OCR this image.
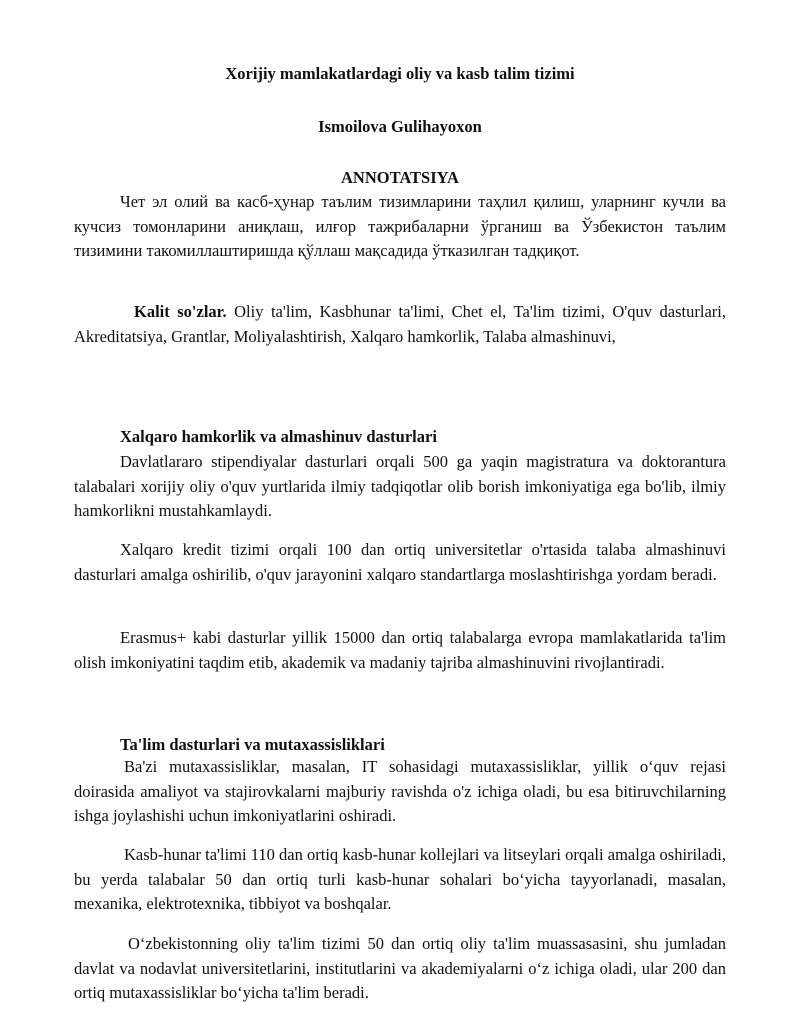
Xorijiy mamlakatlardagi oliy va kasb talim tizimi
Ismoilova Gulihayoxon
ANNOTATSIYA

Чет эл олий ва касб-ҳунар таълим тизимларини таҳлил қилиш, уларнинг кучли ва кучсиз томонларини аниқлаш, илғор тажрибаларни ўрганиш ва Ўзбекистон таълим тизимини такомиллаштиришда қўллаш мақсадида ўтказилган тадқиқот.

Kalit so'zlar. Oliy ta'lim, Kasbhunar ta'limi, Chet el, Ta'lim tizimi, O'quv dasturlari, Akreditatsiya, Grantlar, Moliyalashtirish, Xalqaro hamkorlik, Talaba almashinuvi,

Xalqaro hamkorlik va almashinuv dasturlari

Davlatlararo stipendiyalar dasturlari orqali 500 ga yaqin magistratura va doktorantura talabalari xorijiy oliy o'quv yurtlarida ilmiy tadqiqotlar olib borish imkoniyatiga ega bo'lib, ilmiy hamkorlikni mustahkamlaydi.

Xalqaro kredit tizimi orqali 100 dan ortiq universitetlar o'rtasida talaba almashinuvi dasturlari amalga oshirilib, o'quv jarayonini xalqaro standartlarga moslashtirishga yordam beradi.

Erasmus+ kabi dasturlar yillik 15000 dan ortiq talabalarga evropa mamlakatlarida ta'lim olish imkoniyatini taqdim etib, akademik va madaniy tajriba almashinuvini rivojlantiradi.

Ta'lim dasturlari va mutaxassisliklari

Ba'zi mutaxassisliklar, masalan, IT sohasidagi mutaxassisliklar, yillik o‘quv rejasi doirasida amaliyot va stajirovkalarni majburiy ravishda o'z ichiga oladi, bu esa bitiruvchilarning ishga joylashishi uchun imkoniyatlarini oshiradi.

Kasb-hunar ta'limi 110 dan ortiq kasb-hunar kollejlari va litseylari orqali amalga oshiriladi, bu yerda talabalar 50 dan ortiq turli kasb-hunar sohalari bo‘yicha tayyorlanadi, masalan, mexanika, elektrotexnika, tibbiyot va boshqalar.

O‘zbekistonning oliy ta'lim tizimi 50 dan ortiq oliy ta'lim muassasasini, shu jumladan davlat va nodavlat universitetlarini, institutlarini va akademiyalarni o‘z ichiga oladi, ular 200 dan ortiq mutaxassisliklar bo‘yicha ta'lim beradi.
